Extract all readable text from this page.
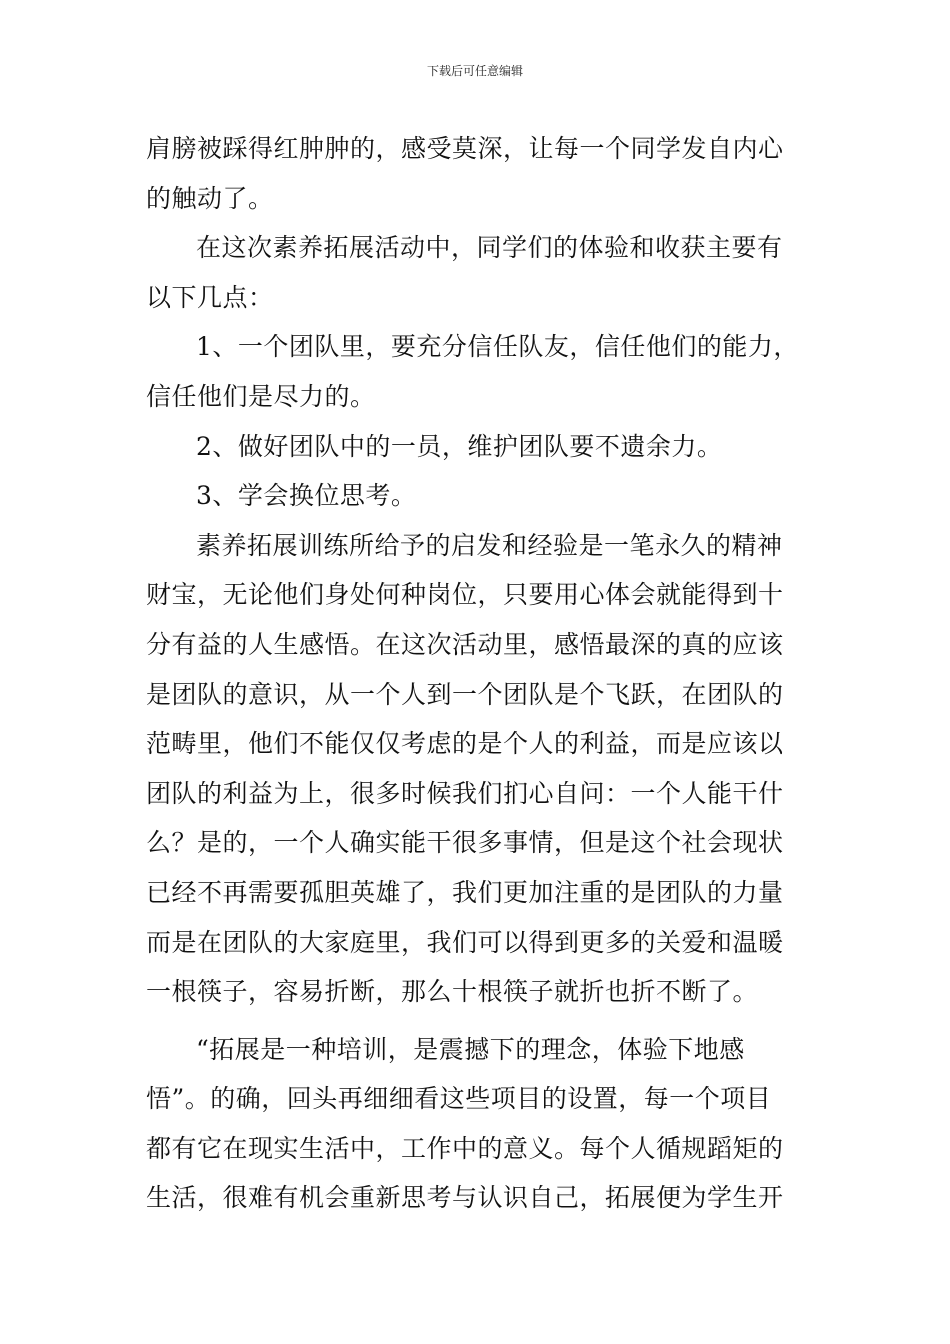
下载后可任意编辑
肩膀被踩得红肿肿的，感受莫深，让每一个同学发自内心
的触动了。
在这次素养拓展活动中，同学们的体验和收获主要有
以下几点：
1、一个团队里，要充分信任队友，信任他们的能力，
信任他们是尽力的。
2、做好团队中的一员，维护团队要不遗余力。
3、学会换位思考。
素养拓展训练所给予的启发和经验是一笔永久的精神
财宝，无论他们身处何种岗位，只要用心体会就能得到十
分有益的人生感悟。在这次活动里，感悟最深的真的应该
是团队的意识，从一个人到一个团队是个飞跃，在团队的
范畴里，他们不能仅仅考虑的是个人的利益，而是应该以
团队的利益为上，很多时候我们扪心自问：一个人能干什
么？是的，一个人确实能干很多事情，但是这个社会现状
已经不再需要孤胆英雄了，我们更加注重的是团队的力量
而是在团队的大家庭里，我们可以得到更多的关爱和温暖
一根筷子，容易折断，那么十根筷子就折也折不断了。
“拓展是一种培训，是震撼下的理念，体验下地感
悟”。的确，回头再细细看这些项目的设置，每一个项目
都有它在现实生活中，工作中的意义。每个人循规蹈矩的
生活，很难有机会重新思考与认识自己，拓展便为学生开
